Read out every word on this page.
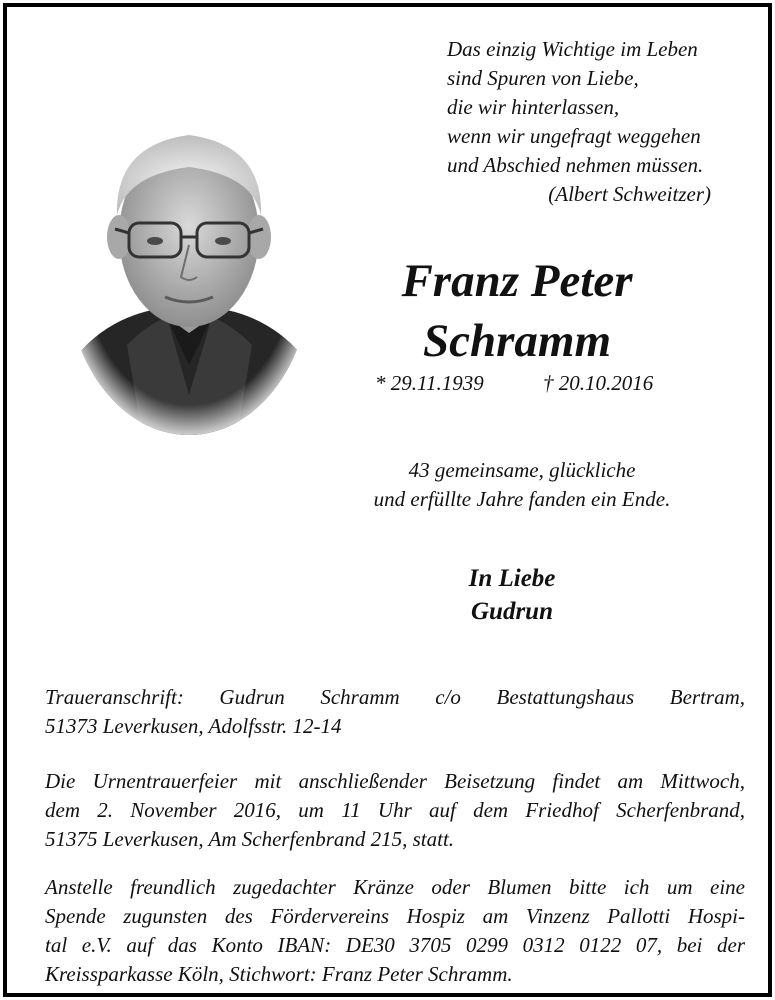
Das einzig Wichtige im Leben
sind Spuren von Liebe,
die wir hinterlassen,
wenn wir ungefragt weggehen
und Abschied nehmen müssen.
(Albert Schweitzer)
Franz Peter
Schramm
* 29.11.1939	† 20.10.2016
43 gemeinsame, glückliche
und erfüllte Jahre fanden ein Ende.
In Liebe
Gudrun
Traueranschrift: Gudrun Schramm c/o Bestattungshaus Bertram,
51373 Leverkusen, Adolfsstr. 12-14
Die Urnentrauerfeier mit anschließender Beisetzung findet am Mittwoch,
dem 2. November 2016, um 11 Uhr auf dem Friedhof Scherfenbrand,
51375 Leverkusen, Am Scherfenbrand 215, statt.
Anstelle freundlich zugedachter Kränze oder Blumen bitte ich um eine
Spende zugunsten des Fördervereins Hospiz am Vinzenz Pallotti Hospi-
tal e.V. auf das Konto IBAN: DE30 3705 0299 0312 0122 07, bei der
Kreissparkasse Köln, Stichwort: Franz Peter Schramm.
